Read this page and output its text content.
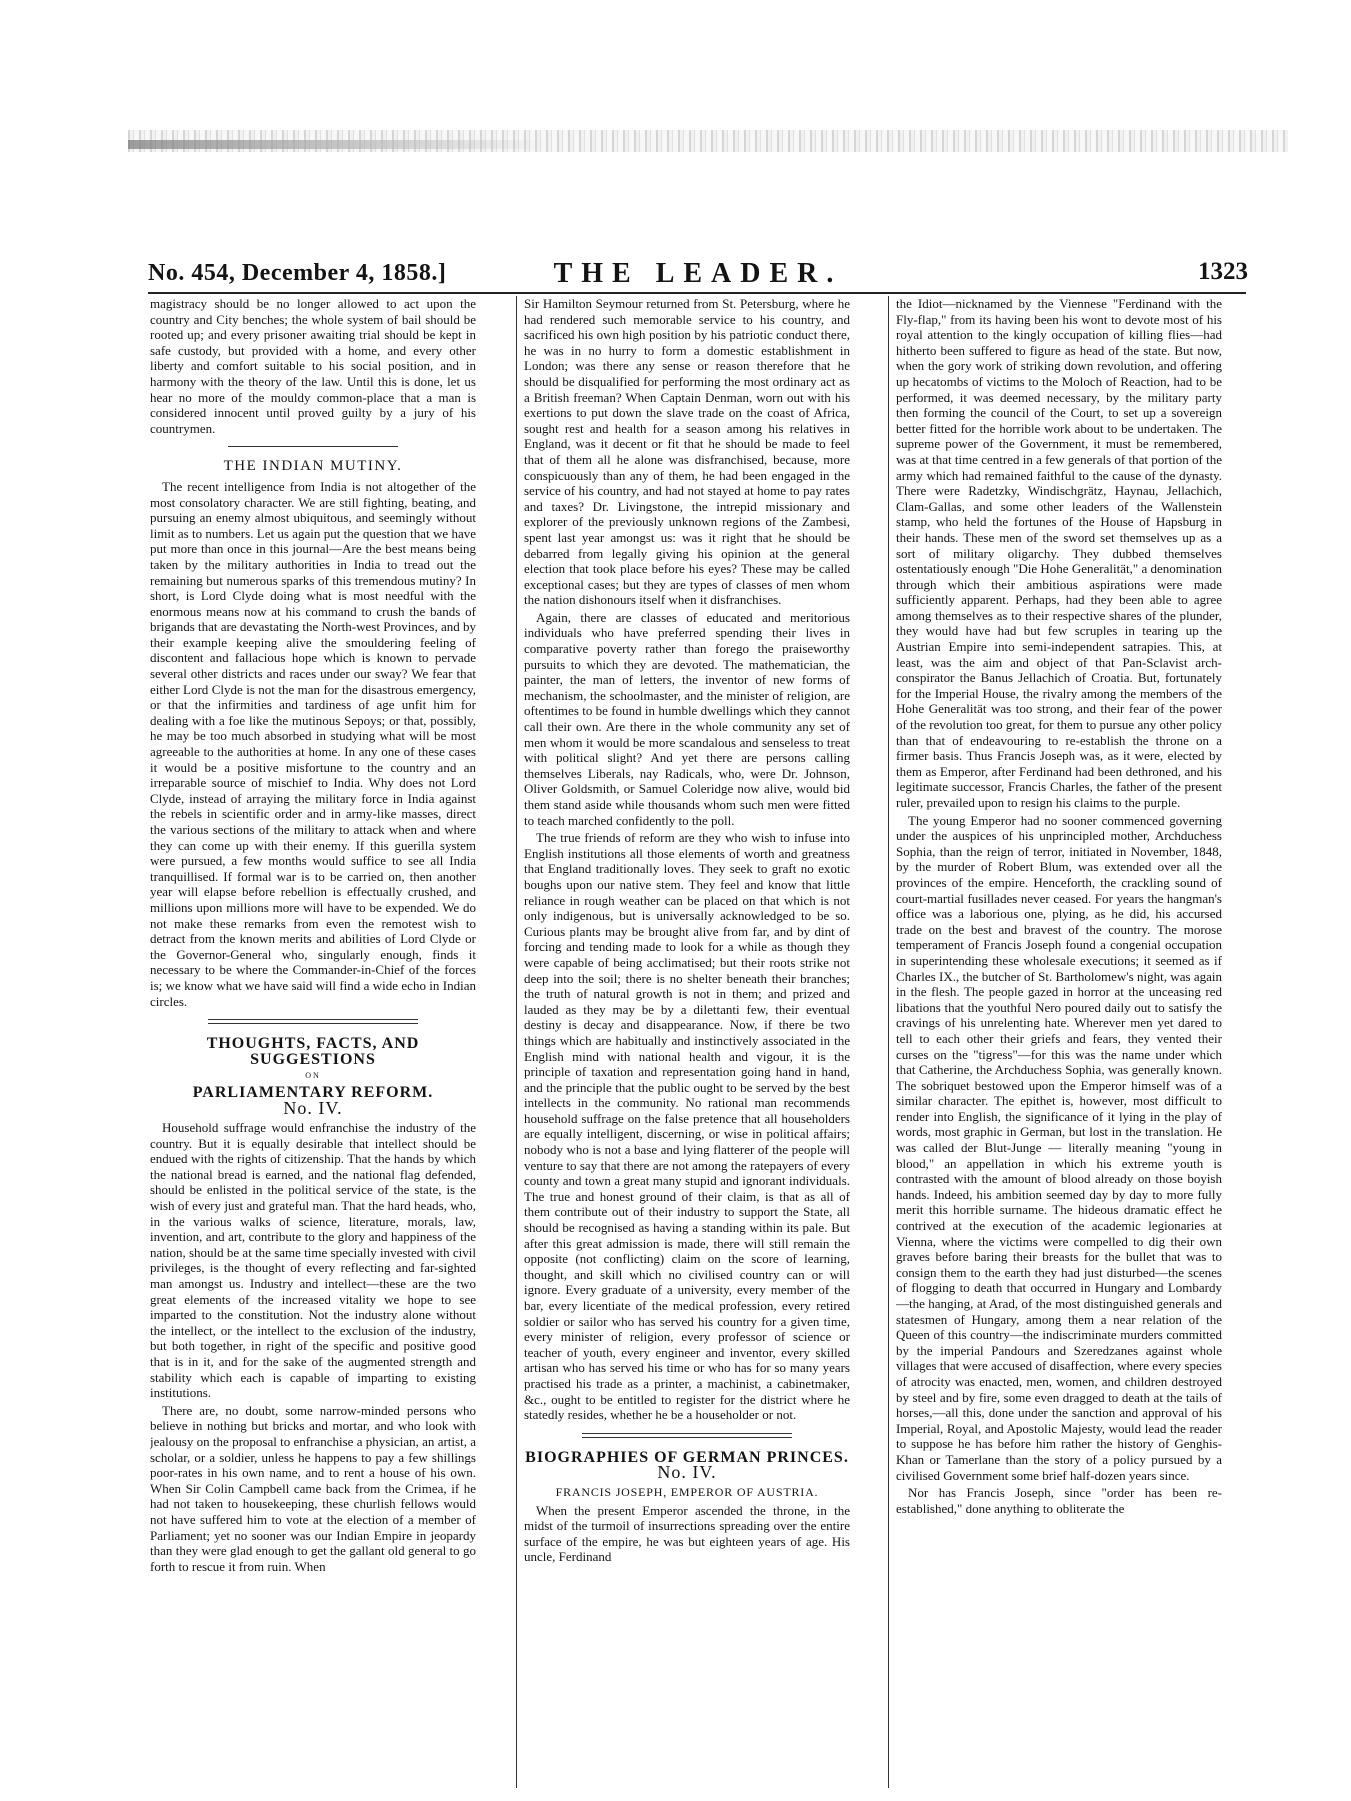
No. 454, December 4, 1858.]	THE LEADER.	1323

magistracy should be no longer allowed to act upon the country and City benches; the whole system of bail should be rooted up; and every prisoner awaiting trial should be kept in safe custody, but provided with a home, and every other liberty and comfort suitable to his social position, and in harmony with the theory of the law. Until this is done, let us hear no more of the mouldy common-place that a man is considered innocent until proved guilty by a jury of his countrymen.

THE INDIAN MUTINY.

The recent intelligence from India is not altogether of the most consolatory character. We are still fighting, beating, and pursuing an enemy almost ubiquitous, and seemingly without limit as to numbers. Let us again put the question that we have put more than once in this journal—Are the best means being taken by the military authorities in India to tread out the remaining but numerous sparks of this tremendous mutiny? In short, is Lord Clyde doing what is most needful with the enormous means now at his command to crush the bands of brigands that are devastating the North-west Provinces, and by their example keeping alive the smouldering feeling of discontent and fallacious hope which is known to pervade several other districts and races under our sway? We fear that either Lord Clyde is not the man for the disastrous emergency, or that the infirmities and tardiness of age unfit him for dealing with a foe like the mutinous Sepoys; or that, possibly, he may be too much absorbed in studying what will be most agreeable to the authorities at home. In any one of these cases it would be a positive misfortune to the country and an irreparable source of mischief to India. Why does not Lord Clyde, instead of arraying the military force in India against the rebels in scientific order and in army-like masses, direct the various sections of the military to attack when and where they can come up with their enemy. If this guerilla system were pursued, a few months would suffice to see all India tranquillised. If formal war is to be carried on, then another year will elapse before rebellion is effectually crushed, and millions upon millions more will have to be expended. We do not make these remarks from even the remotest wish to detract from the known merits and abilities of Lord Clyde or the Governor-General who, singularly enough, finds it necessary to be where the Commander-in-Chief of the forces is; we know what we have said will find a wide echo in Indian circles.

THOUGHTS, FACTS, AND SUGGESTIONS
ON
PARLIAMENTARY REFORM.
No. IV.

Household suffrage would enfranchise the industry of the country. But it is equally desirable that intellect should be endued with the rights of citizenship. That the hands by which the national bread is earned, and the national flag defended, should be enlisted in the political service of the state, is the wish of every just and grateful man. That the hard heads, who, in the various walks of science, literature, morals, law, invention, and art, contribute to the glory and happiness of the nation, should be at the same time specially invested with civil privileges, is the thought of every reflecting and far-sighted man amongst us. Industry and intellect—these are the two great elements of the increased vitality we hope to see imparted to the constitution. Not the industry alone without the intellect, or the intellect to the exclusion of the industry, but both together, in right of the specific and positive good that is in it, and for the sake of the augmented strength and stability which each is capable of imparting to existing institutions.

There are, no doubt, some narrow-minded persons who believe in nothing but bricks and mortar, and who look with jealousy on the proposal to enfranchise a physician, an artist, a scholar, or a soldier, unless he happens to pay a few shillings poor-rates in his own name, and to rent a house of his own. When Sir Colin Campbell came back from the Crimea, if he had not taken to housekeeping, these churlish fellows would not have suffered him to vote at the election of a member of Parliament; yet no sooner was our Indian Empire in jeopardy than they were glad enough to get the gallant old general to go forth to rescue it from ruin. When

Sir Hamilton Seymour returned from St. Petersburg, where he had rendered such memorable service to his country, and sacrificed his own high position by his patriotic conduct there, he was in no hurry to form a domestic establishment in London; was there any sense or reason therefore that he should be disqualified for performing the most ordinary act as a British freeman? When Captain Denman, worn out with his exertions to put down the slave trade on the coast of Africa, sought rest and health for a season among his relatives in England, was it decent or fit that he should be made to feel that of them all he alone was disfranchised, because, more conspicuously than any of them, he had been engaged in the service of his country, and had not stayed at home to pay rates and taxes? Dr. Livingstone, the intrepid missionary and explorer of the previously unknown regions of the Zambesi, spent last year amongst us: was it right that he should be debarred from legally giving his opinion at the general election that took place before his eyes? These may be called exceptional cases; but they are types of classes of men whom the nation dishonours itself when it disfranchises.

Again, there are classes of educated and meritorious individuals who have preferred spending their lives in comparative poverty rather than forego the praiseworthy pursuits to which they are devoted. The mathematician, the painter, the man of letters, the inventor of new forms of mechanism, the schoolmaster, and the minister of religion, are oftentimes to be found in humble dwellings which they cannot call their own. Are there in the whole community any set of men whom it would be more scandalous and senseless to treat with political slight? And yet there are persons calling themselves Liberals, nay Radicals, who, were Dr. Johnson, Oliver Goldsmith, or Samuel Coleridge now alive, would bid them stand aside while thousands whom such men were fitted to teach marched confidently to the poll.

The true friends of reform are they who wish to infuse into English institutions all those elements of worth and greatness that England traditionally loves. They seek to graft no exotic boughs upon our native stem. They feel and know that little reliance in rough weather can be placed on that which is not only indigenous, but is universally acknowledged to be so. Curious plants may be brought alive from far, and by dint of forcing and tending made to look for a while as though they were capable of being acclimatised; but their roots strike not deep into the soil; there is no shelter beneath their branches; the truth of natural growth is not in them; and prized and lauded as they may be by a dilettanti few, their eventual destiny is decay and disappearance. Now, if there be two things which are habitually and instinctively associated in the English mind with national health and vigour, it is the principle of taxation and representation going hand in hand, and the principle that the public ought to be served by the best intellects in the community. No rational man recommends household suffrage on the false pretence that all householders are equally intelligent, discerning, or wise in political affairs; nobody who is not a base and lying flatterer of the people will venture to say that there are not among the ratepayers of every county and town a great many stupid and ignorant individuals. The true and honest ground of their claim, is that as all of them contribute out of their industry to support the State, all should be recognised as having a standing within its pale. But after this great admission is made, there will still remain the opposite (not conflicting) claim on the score of learning, thought, and skill which no civilised country can or will ignore. Every graduate of a university, every member of the bar, every licentiate of the medical profession, every retired soldier or sailor who has served his country for a given time, every minister of religion, every professor of science or teacher of youth, every engineer and inventor, every skilled artisan who has served his time or who has for so many years practised his trade as a printer, a machinist, a cabinetmaker, &c., ought to be entitled to register for the district where he statedly resides, whether he be a householder or not.

BIOGRAPHIES OF GERMAN PRINCES.
No. IV.
FRANCIS JOSEPH, EMPEROR OF AUSTRIA.

When the present Emperor ascended the throne, in the midst of the turmoil of insurrections spreading over the entire surface of the empire, he was but eighteen years of age. His uncle, Ferdinand

the Idiot—nicknamed by the Viennese "Ferdinand with the Fly-flap," from its having been his wont to devote most of his royal attention to the kingly occupation of killing flies—had hitherto been suffered to figure as head of the state. But now, when the gory work of striking down revolution, and offering up hecatombs of victims to the Moloch of Reaction, had to be performed, it was deemed necessary, by the military party then forming the council of the Court, to set up a sovereign better fitted for the horrible work about to be undertaken. The supreme power of the Government, it must be remembered, was at that time centred in a few generals of that portion of the army which had remained faithful to the cause of the dynasty. There were Radetzky, Windischgrätz, Haynau, Jellachich, Clam-Gallas, and some other leaders of the Wallenstein stamp, who held the fortunes of the House of Hapsburg in their hands. These men of the sword set themselves up as a sort of military oligarchy. They dubbed themselves ostentatiously enough "Die Hohe Generalität," a denomination through which their ambitious aspirations were made sufficiently apparent. Perhaps, had they been able to agree among themselves as to their respective shares of the plunder, they would have had but few scruples in tearing up the Austrian Empire into semi-independent satrapies. This, at least, was the aim and object of that Pan-Sclavist arch-conspirator the Banus Jellachich of Croatia. But, fortunately for the Imperial House, the rivalry among the members of the Hohe Generalität was too strong, and their fear of the power of the revolution too great, for them to pursue any other policy than that of endeavouring to re-establish the throne on a firmer basis. Thus Francis Joseph was, as it were, elected by them as Emperor, after Ferdinand had been dethroned, and his legitimate successor, Francis Charles, the father of the present ruler, prevailed upon to resign his claims to the purple.

The young Emperor had no sooner commenced governing under the auspices of his unprincipled mother, Archduchess Sophia, than the reign of terror, initiated in November, 1848, by the murder of Robert Blum, was extended over all the provinces of the empire. Henceforth, the crackling sound of court-martial fusillades never ceased. For years the hangman's office was a laborious one, plying, as he did, his accursed trade on the best and bravest of the country. The morose temperament of Francis Joseph found a congenial occupation in superintending these wholesale executions; it seemed as if Charles IX., the butcher of St. Bartholomew's night, was again in the flesh. The people gazed in horror at the unceasing red libations that the youthful Nero poured daily out to satisfy the cravings of his unrelenting hate. Wherever men yet dared to tell to each other their griefs and fears, they vented their curses on the "tigress"—for this was the name under which that Catherine, the Archduchess Sophia, was generally known. The sobriquet bestowed upon the Emperor himself was of a similar character. The epithet is, however, most difficult to render into English, the significance of it lying in the play of words, most graphic in German, but lost in the translation. He was called der Blut-Junge — literally meaning "young in blood," an appellation in which his extreme youth is contrasted with the amount of blood already on those boyish hands. Indeed, his ambition seemed day by day to more fully merit this horrible surname. The hideous dramatic effect he contrived at the execution of the academic legionaries at Vienna, where the victims were compelled to dig their own graves before baring their breasts for the bullet that was to consign them to the earth they had just disturbed—the scenes of flogging to death that occurred in Hungary and Lombardy—the hanging, at Arad, of the most distinguished generals and statesmen of Hungary, among them a near relation of the Queen of this country—the indiscriminate murders committed by the imperial Pandours and Szeredzanes against whole villages that were accused of disaffection, where every species of atrocity was enacted, men, women, and children destroyed by steel and by fire, some even dragged to death at the tails of horses,—all this, done under the sanction and approval of his Imperial, Royal, and Apostolic Majesty, would lead the reader to suppose he has before him rather the history of Genghis-Khan or Tamerlane than the story of a policy pursued by a civilised Government some brief half-dozen years since.

Nor has Francis Joseph, since "order has been re-established," done anything to obliterate the
